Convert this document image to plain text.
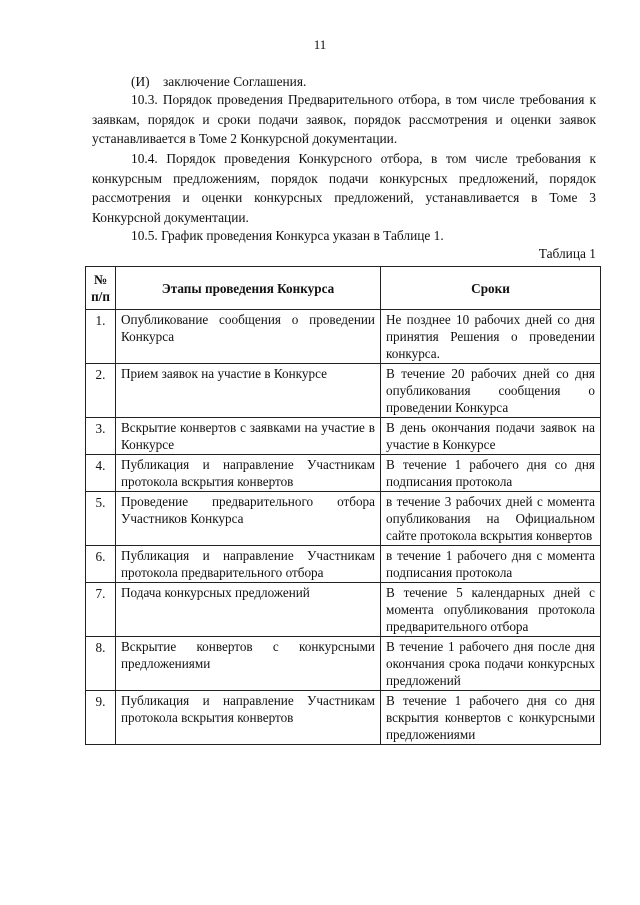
11
(И)    заключение Соглашения.
10.3. Порядок проведения Предварительного отбора, в том числе требования к заявкам, порядок и сроки подачи заявок, порядок рассмотрения и оценки заявок устанавливается в Томе 2 Конкурсной документации.
10.4. Порядок проведения Конкурсного отбора, в том числе требования к конкурсным предложениям, порядок подачи конкурсных предложений, порядок рассмотрения и оценки конкурсных предложений, устанавливается в Томе 3 Конкурсной документации.
10.5. График проведения Конкурса указан в Таблице 1.
Таблица 1
№ п/п	Этапы проведения Конкурса	Сроки
1.	Опубликование сообщения о проведении Конкурса	Не позднее 10 рабочих дней со дня принятия Решения о проведении конкурса.
2.	Прием заявок на участие в Конкурсе	В течение 20 рабочих дней со дня опубликования сообщения о проведении Конкурса
3.	Вскрытие конвертов с заявками на участие в Конкурсе	В день окончания подачи заявок на участие в Конкурсе
4.	Публикация и направление Участникам протокола вскрытия конвертов	В течение 1 рабочего дня со дня подписания протокола
5.	Проведение предварительного отбора Участников Конкурса	в течение 3 рабочих дней с момента опубликования на Официальном сайте протокола вскрытия конвертов
6.	Публикация и направление Участникам протокола предварительного отбора	в течение 1 рабочего дня с момента подписания протокола
7.	Подача конкурсных предложений	В течение 5 календарных дней с момента опубликования протокола предварительного отбора
8.	Вскрытие конвертов с конкурсными предложениями	В течение 1 рабочего дня после дня окончания срока подачи конкурсных предложений
9.	Публикация и направление Участникам протокола вскрытия конвертов	В течение 1 рабочего дня со дня вскрытия конвертов с конкурсными предложениями
